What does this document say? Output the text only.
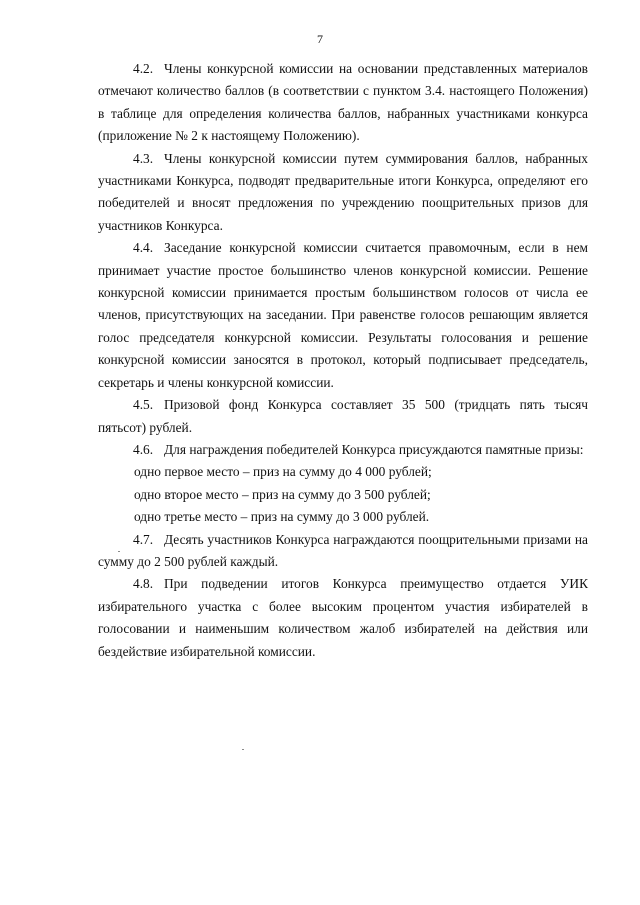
7

4.2. Члены конкурсной комиссии на основании представленных материалов отмечают количество баллов (в соответствии с пунктом 3.4. настоящего Положения) в таблице для определения количества баллов, набранных участниками конкурса (приложение № 2 к настоящему Положению).

4.3. Члены конкурсной комиссии путем суммирования баллов, набранных участниками Конкурса, подводят предварительные итоги Конкурса, определяют его победителей и вносят предложения по учреждению поощрительных призов для участников Конкурса.

4.4. Заседание конкурсной комиссии считается правомочным, если в нем принимает участие простое большинство членов конкурсной комиссии. Решение конкурсной комиссии принимается простым большинством голосов от числа ее членов, присутствующих на заседании. При равенстве голосов решающим является голос председателя конкурсной комиссии. Результаты голосования и решение конкурсной комиссии заносятся в протокол, который подписывает председатель, секретарь и члены конкурсной комиссии.

4.5. Призовой фонд Конкурса составляет 35 500 (тридцать пять тысяч пятьсот) рублей.

4.6. Для награждения победителей Конкурса присуждаются памятные призы:

одно первое место – приз на сумму до 4 000 рублей;

одно второе место – приз на сумму до 3 500 рублей;

одно третье место – приз на сумму до 3 000 рублей.

4.7. Десять участников Конкурса награждаются поощрительными призами на сумму до 2 500 рублей каждый.

4.8. При подведении итогов Конкурса преимущество отдается УИК избирательного участка с более высоким процентом участия избирателей в голосовании и наименьшим количеством жалоб избирателей на действия или бездействие избирательной комиссии.
